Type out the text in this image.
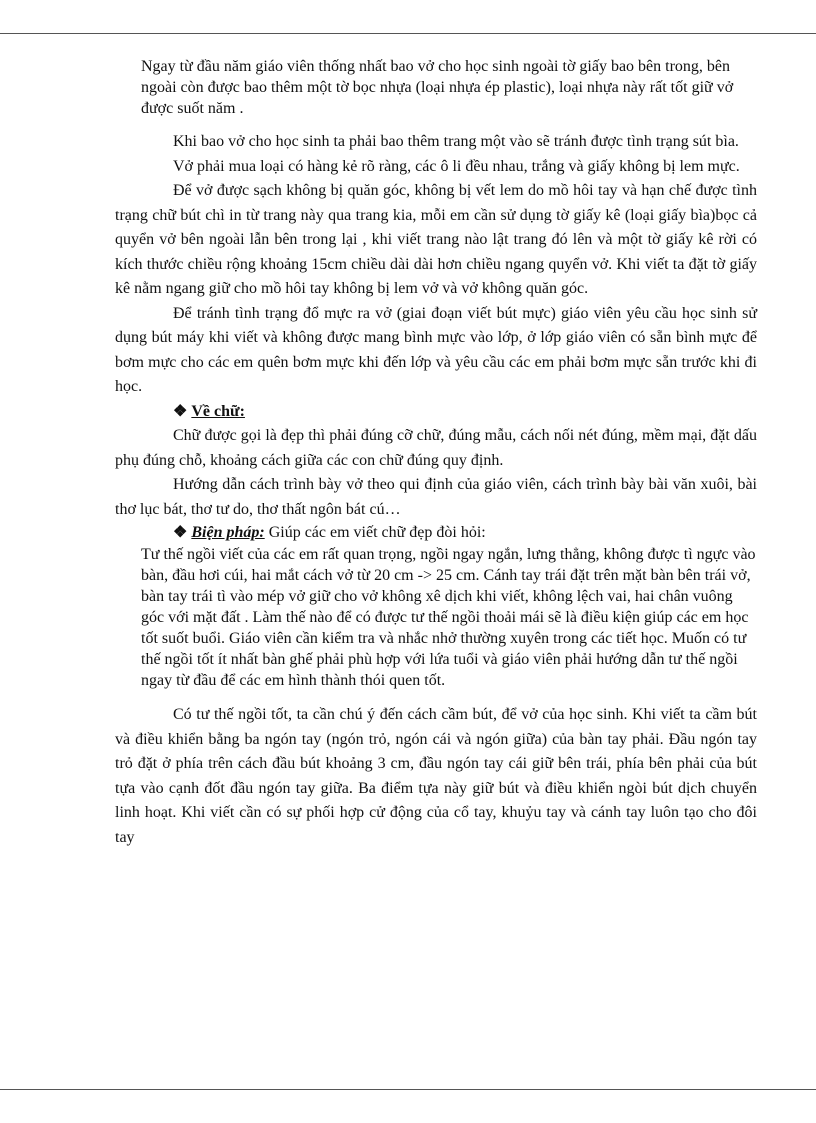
Ngay từ đầu năm giáo viên thống nhất bao vở cho học sinh ngoài tờ giấy bao bên trong, bên ngoài còn được bao thêm một tờ bọc nhựa (loại nhựa ép plastic), loại nhựa này rất tốt giữ vở được suốt năm .

Khi bao vở cho học sinh ta phải bao thêm trang một vào sẽ tránh được tình trạng sút bìa.

Vở phải mua loại có hàng kẻ rõ ràng, các ô li đều nhau, trắng và giấy không bị lem mực.

Để vở được sạch không bị quăn góc, không bị vết lem do mồ hôi tay và hạn chế được tình trạng chữ bút chì in từ trang này qua trang kia, mỗi em cần sử dụng tờ giấy kê (loại giấy bìa)bọc cả quyển vở bên ngoài lẫn bên trong lại , khi viết trang nào lật trang đó lên và một tờ giấy kê rời có kích thước chiều rộng khoảng 15cm chiều dài dài hơn chiều ngang quyển vở. Khi viết ta đặt tờ giấy kê nằm ngang giữ cho mồ hôi tay không bị lem vở và vở không quăn góc.

Để tránh tình trạng đổ mực ra vở (giai đoạn viết bút mực) giáo viên yêu cầu học sinh sử dụng bút máy khi viết và không được mang bình mực vào lớp, ở lớp giáo viên có sẵn bình mực để bơm mực cho các em quên bơm mực khi đến lớp và yêu cầu các em phải bơm mực sẵn trước khi đi học.

❖ Về chữ:

Chữ được gọi là đẹp thì phải đúng cỡ chữ, đúng mẫu, cách nối nét đúng, mềm mại, đặt dấu phụ đúng chỗ, khoảng cách giữa các con chữ đúng quy định.

Hướng dẫn cách trình bày vở theo qui định của giáo viên, cách trình bày bài văn xuôi, bài thơ lục bát, thơ tư do, thơ thất ngôn bát cú…

❖ Biện pháp: Giúp các em viết chữ đẹp đòi hỏi:

Tư thế ngồi viết của các em rất quan trọng, ngồi ngay ngắn, lưng thẳng, không được tì ngực vào bàn, đầu hơi cúi, hai mắt cách vở từ 20 cm -> 25 cm. Cánh tay trái đặt trên mặt bàn bên trái vở, bàn tay trái tì vào mép vở giữ cho vở không xê dịch khi viết, không lệch vai, hai chân vuông góc với mặt đất . Làm thế nào để có được tư thế ngồi thoải mái sẽ là điều kiện giúp các em học tốt suốt buổi. Giáo viên cần kiểm tra và nhắc nhở thường xuyên trong các tiết học. Muốn có tư thế ngồi tốt ít nhất bàn ghế phải phù hợp với lứa tuổi và giáo viên phải hướng dẫn tư thế ngồi ngay từ đầu để các em hình thành thói quen tốt.

Có tư thế ngồi tốt, ta cần chú ý đến cách cầm bút, để vở của học sinh. Khi viết ta cầm bút và điều khiển bằng ba ngón tay (ngón trỏ, ngón cái và ngón giữa) của bàn tay phải. Đầu ngón tay trỏ đặt ở phía trên cách đầu bút khoảng 3 cm, đầu ngón tay cái giữ bên trái, phía bên phải của bút tựa vào cạnh đốt đầu ngón tay giữa. Ba điểm tựa này giữ bút và điều khiển ngòi bút dịch chuyển linh hoạt. Khi viết cần có sự phối hợp cử động của cổ tay, khuỷu tay và cánh tay luôn tạo cho đôi tay
